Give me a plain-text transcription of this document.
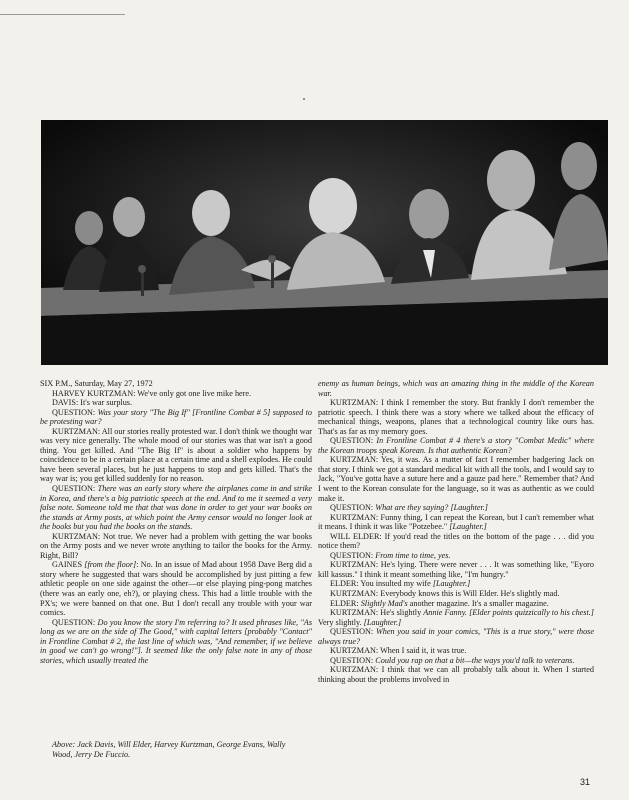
SIX P.M., Saturday, May 27, 1972

HARVEY KURTZMAN: We've only got one live mike here.

DAVIS: It's war surplus.

QUESTION: Was your story "The Big If" [Frontline Combat # 5] supposed to be protesting war?

KURTZMAN: All our stories really protested war. I don't think we thought war was very nice generally. The whole mood of our stories was that war isn't a good thing. You get killed. And "The Big If" is about a soldier who happens by coincidence to be in a certain place at a certain time and a shell explodes. He could have been several places, but he just happens to stop and gets killed. That's the way war is; you get killed suddenly for no reason.

QUESTION: There was an early story where the airplanes come in and strike in Korea, and there's a big patriotic speech at the end. And to me it seemed a very false note. Someone told me that that was done in order to get your war books on the stands at Army posts, at which point the Army censor would no longer look at the books but you had the books on the stands.

KURTZMAN: Not true. We never had a problem with getting the war books on the Army posts and we never wrote anything to tailor the books for the Army. Right, Bill?

GAINES [from the floor]: No. In an issue of Mad about 1958 Dave Berg did a story where he suggested that wars should be accomplished by just pitting a few athletic people on one side against the other—or else playing ping-pong matches (there was an early one, eh?), or playing chess. This had a little trouble with the PX's; we were banned on that one. But I don't recall any trouble with your war comics.

QUESTION: Do you know the story I'm referring to? It used phrases like, "As long as we are on the side of The Good," with capital letters [probably "Contact" in Frontline Combat # 2, the last line of which was, "And remember, if we believe in good we can't go wrong!"]. It seemed like the only false note in any of those stories, which usually treated the

enemy as human beings, which was an amazing thing in the middle of the Korean war.

KURTZMAN: I think I remember the story. But frankly I don't remember the patriotic speech. I think there was a story where we talked about the efficacy of mechanical things, weapons, planes that a technological country like ours has. That's as far as my memory goes.

QUESTION: In Frontline Combat # 4 there's a story "Combat Medic" where the Korean troops speak Korean. Is that authentic Korean?

KURTZMAN: Yes, it was. As a matter of fact I remember badgering Jack on that story. I think we got a standard medical kit with all the tools, and I would say to Jack, "You've gotta have a suture here and a gauze pad here." Remember that? And I went to the Korean consulate for the language, so it was as authentic as we could make it.

QUESTION: What are they saying? [Laughter.]

KURTZMAN: Funny thing, I can repeat the Korean, but I can't remember what it means. I think it was like "Potzebee." [Laughter.]

WILL ELDER: If you'd read the titles on the bottom of the page . . . did you notice them?

QUESTION: From time to time, yes.

KURTZMAN: He's lying. There were never . . . It was something like, "Eyoro kill kassus." I think it meant something like, "I'm hungry."

ELDER: You insulted my wife [Laughter.]

KURTZMAN: Everybody knows this is Will Elder. He's slightly mad.

ELDER: Slightly Mad's another magazine. It's a smaller magazine.

KURTZMAN: He's slightly Annie Fanny. [Elder points quizzically to his chest.] Very slightly. [Laughter.]

QUESTION: When you said in your comics, "This is a true story," were those always true?

KURTZMAN: When I said it, it was true.

QUESTION: Could you rap on that a bit—the ways you'd talk to veterans.

KURTZMAN: I think that we can all probably talk about it. When I started thinking about the problems involved in

Above: Jack Davis, Will Elder, Harvey Kurtzman, George Evans, Wally Wood, Jerry De Fuccio.
31
